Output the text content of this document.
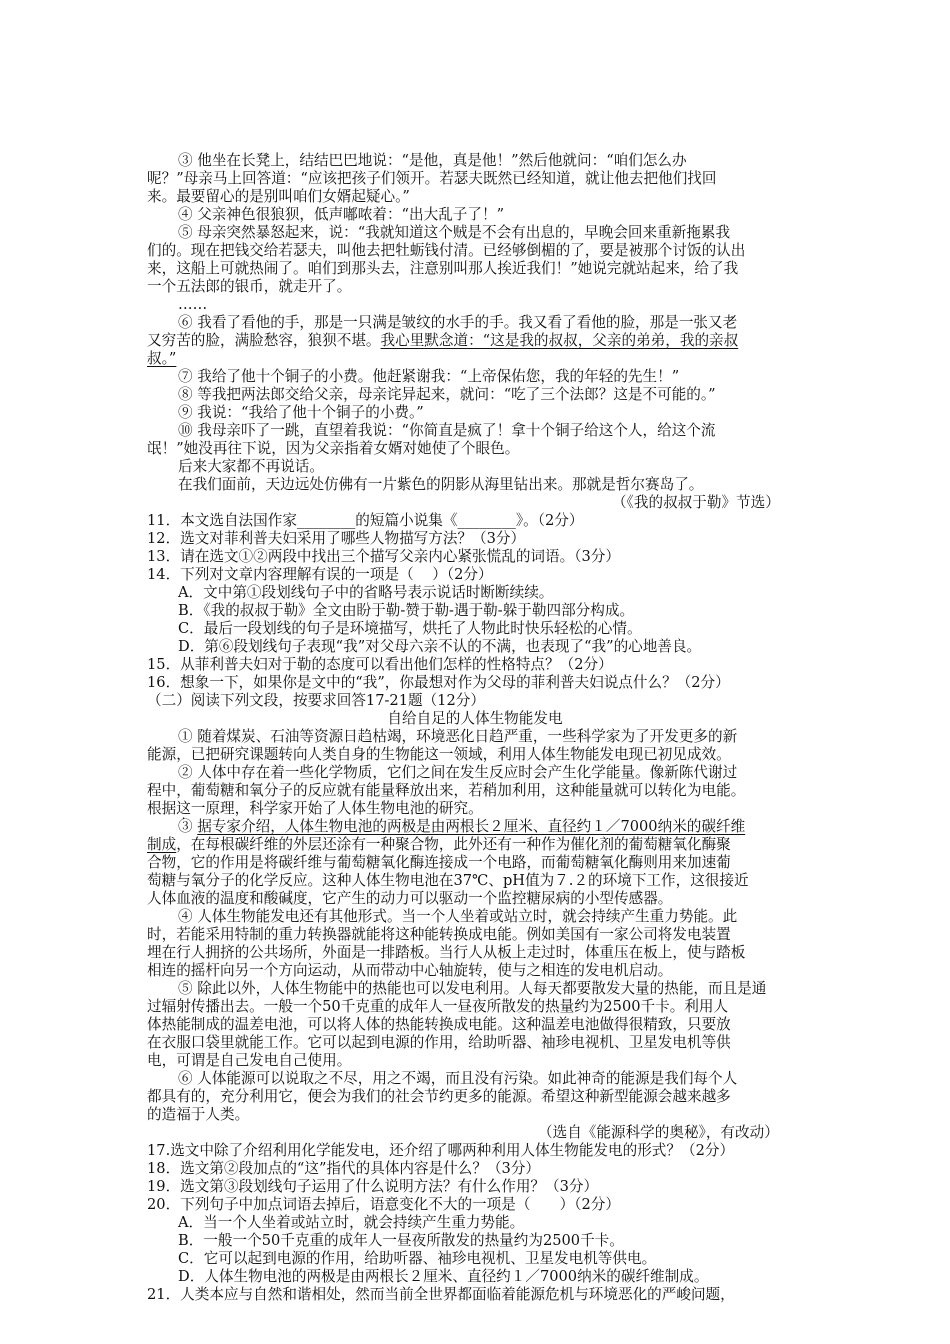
③ 他坐在长凳上，结结巴巴地说：“是他，真是他！”然后他就问：“咱们怎么办
呢？”母亲马上回答道：“应该把孩子们领开。若瑟夫既然已经知道，就让他去把他们找回
来。最要留心的是别叫咱们女婿起疑心。”
④ 父亲神色很狼狈，低声嘟哝着：“出大乱子了！”
⑤ 母亲突然暴怒起来，说：“我就知道这个贼是不会有出息的，早晚会回来重新拖累我
们的。现在把钱交给若瑟夫，叫他去把牡蛎钱付清。已经够倒楣的了，要是被那个讨饭的认出
来，这船上可就热闹了。咱们到那头去，注意别叫那人挨近我们！”她说完就站起来，给了我
一个五法郎的银币，就走开了。
……
⑥ 我看了看他的手，那是一只满是皱纹的水手的手。我又看了看他的脸，那是一张又老
又穷苦的脸，满脸愁容，狼狈不堪。我心里默念道：“这是我的叔叔，父亲的弟弟，我的亲叔
叔。”
⑦ 我给了他十个铜子的小费。他赶紧谢我：“上帝保佑您，我的年轻的先生！”
⑧ 等我把两法郎交给父亲，母亲诧异起来，就问：“吃了三个法郎？这是不可能的。”
⑨ 我说：“我给了他十个铜子的小费。”
⑩ 我母亲吓了一跳，直望着我说：“你简直是疯了！拿十个铜子给这个人，给这个流
氓！”她没再往下说，因为父亲指着女婿对她使了个眼色。
后来大家都不再说话。
在我们面前，天边远处仿佛有一片紫色的阴影从海里钻出来。那就是哲尔赛岛了。
（《我的叔叔于勒》节选）
11．本文选自法国作家________的短篇小说集《________》。（2分）
12．选文对菲利普夫妇采用了哪些人物描写方法？（3分）
13．请在选文①②两段中找出三个描写父亲内心紧张慌乱的词语。（3分）
14．下列对文章内容理解有误的一项是（    ）（2分）
A．文中第①段划线句子中的省略号表示说话时断断续续。
B．《我的叔叔于勒》全文由盼于勒-赞于勒-遇于勒-躲于勒四部分构成。
C．最后一段划线的句子是环境描写，烘托了人物此时快乐轻松的心情。
D．第⑥段划线句子表现“我”对父母六亲不认的不满，也表现了“我”的心地善良。
15．从菲利普夫妇对于勒的态度可以看出他们怎样的性格特点？（2分）
16．想象一下，如果你是文中的“我”，你最想对作为父母的菲利普夫妇说点什么？（2分）
（二）阅读下列文段，按要求回答17-21题（12分）
自给自足的人体生物能发电
① 随着煤炭、石油等资源日趋枯竭，环境恶化日趋严重，一些科学家为了开发更多的新
能源，已把研究课题转向人类自身的生物能这一领域，利用人体生物能发电现已初见成效。
② 人体中存在着一些化学物质，它们之间在发生反应时会产生化学能量。像新陈代谢过
程中，葡萄糖和氧分子的反应就有能量释放出来，若稍加利用，这种能量就可以转化为电能。
根据这一原理，科学家开始了人体生物电池的研究。
③ 据专家介绍，人体生物电池的两极是由两根长２厘米、直径约１／7000纳米的碳纤维
制成，在每根碳纤维的外层还涂有一种聚合物，此外还有一种作为催化剂的葡萄糖氧化酶聚
合物，它的作用是将碳纤维与葡萄糖氧化酶连接成一个电路，而葡萄糖氧化酶则用来加速葡
萄糖与氧分子的化学反应。这种人体生物电池在37℃、pH值为７.２的环境下工作，这很接近
人体血液的温度和酸碱度，它产生的动力可以驱动一个监控糖尿病的小型传感器。
④ 人体生物能发电还有其他形式。当一个人坐着或站立时，就会持续产生重力势能。此
时，若能采用特制的重力转换器就能将这种能转换成电能。例如美国有一家公司将发电装置
埋在行人拥挤的公共场所，外面是一排踏板。当行人从板上走过时，体重压在板上，使与踏板
相连的摇杆向另一个方向运动，从而带动中心轴旋转，使与之相连的发电机启动。
⑤ 除此以外，人体生物能中的热能也可以发电利用。人每天都要散发大量的热能，而且是通
过辐射传播出去。一般一个50千克重的成年人一昼夜所散发的热量约为2500千卡。利用人
体热能制成的温差电池，可以将人体的热能转换成电能。这种温差电池做得很精致，只要放
在衣服口袋里就能工作。它可以起到电源的作用，给助听器、袖珍电视机、卫星发电机等供
电，可谓是自己发电自己使用。
⑥ 人体能源可以说取之不尽，用之不竭，而且没有污染。如此神奇的能源是我们每个人
都具有的，充分利用它，便会为我们的社会节约更多的能源。希望这种新型能源会越来越多
的造福于人类。
（选自《能源科学的奥秘》，有改动）
17.选文中除了介绍利用化学能发电，还介绍了哪两种利用人体生物能发电的形式？（2分）
18．选文第②段加点的“这”指代的具体内容是什么？（3分）
19．选文第③段划线句子运用了什么说明方法？有什么作用？（3分）
20．下列句子中加点词语去掉后，语意变化不大的一项是（　　）（2分）
A．当一个人坐着或站立时，就会持续产生重力势能。
B．一般一个50千克重的成年人一昼夜所散发的热量约为2500千卡。
C．它可以起到电源的作用，给助听器、袖珍电视机、卫星发电机等供电。
D．人体生物电池的两极是由两根长２厘米、直径约１／7000纳米的碳纤维制成。
21．人类本应与自然和谐相处，然而当前全世界都面临着能源危机与环境恶化的严峻问题，
